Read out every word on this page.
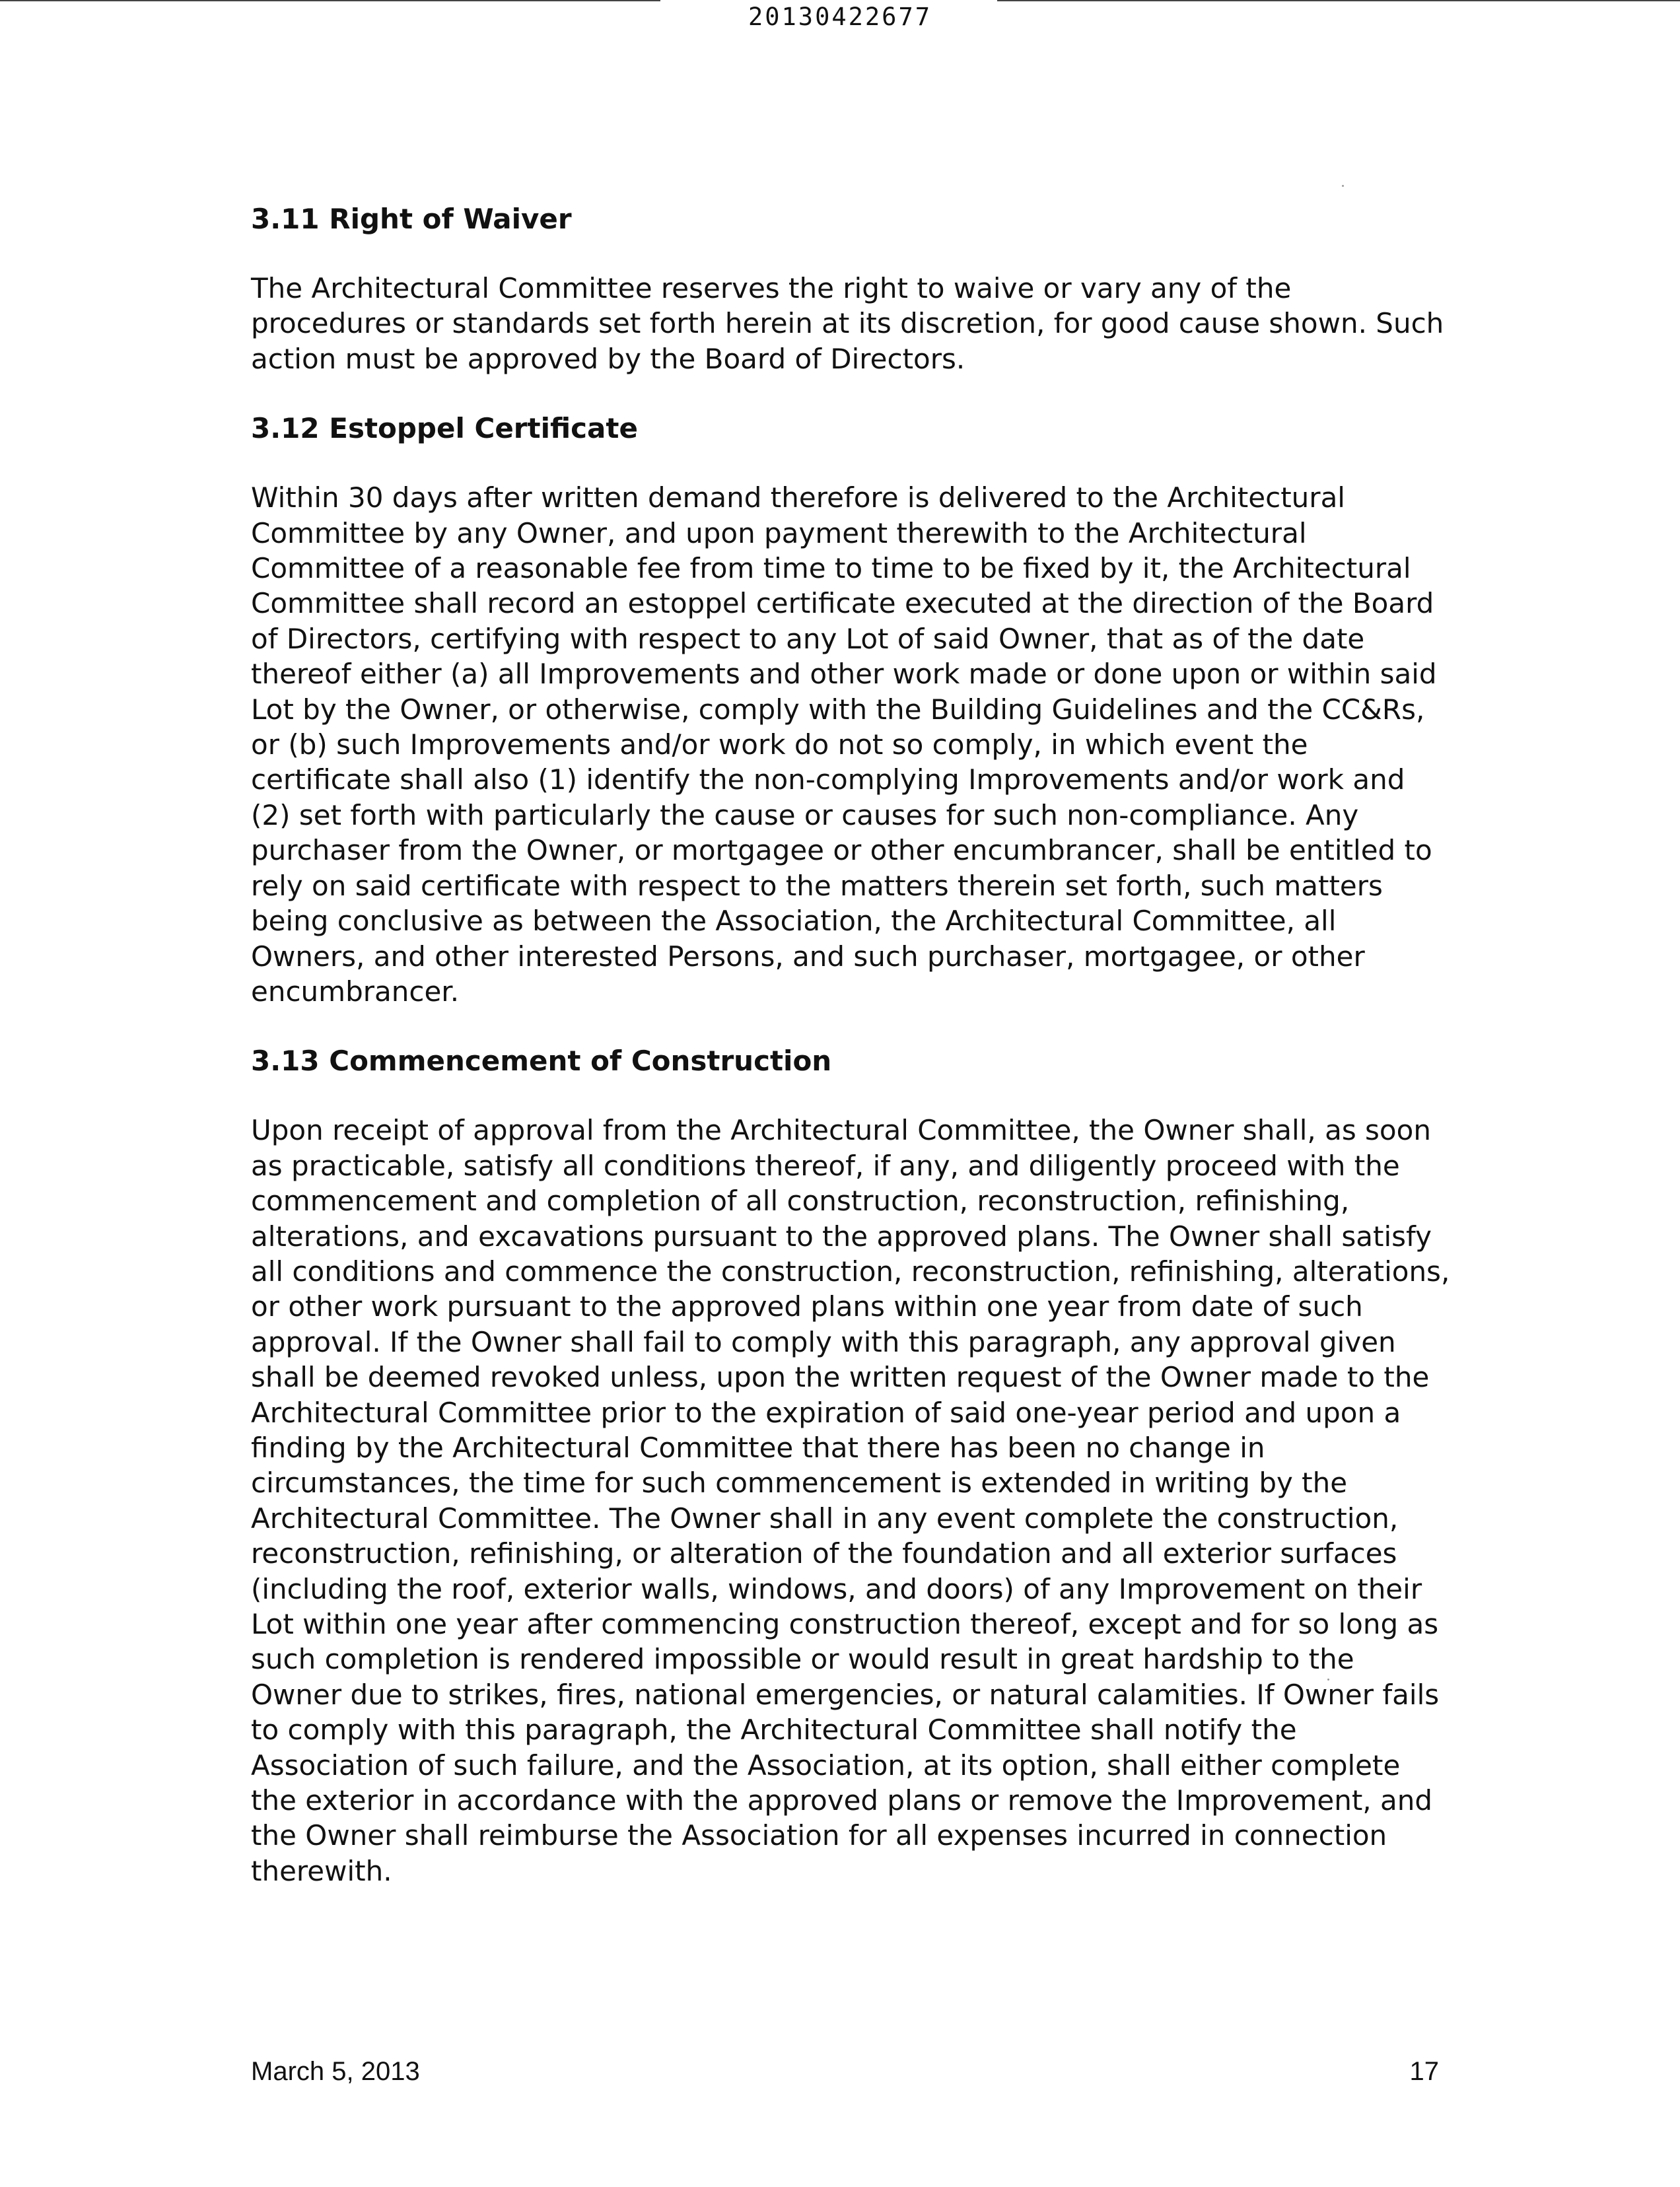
20130422677
3.11 Right of Waiver

The Architectural Committee reserves the right to waive or vary any of the procedures or standards set forth herein at its discretion, for good cause shown. Such action must be approved by the Board of Directors.

3.12 Estoppel Certificate

Within 30 days after written demand therefore is delivered to the Architectural Committee by any Owner, and upon payment therewith to the Architectural Committee of a reasonable fee from time to time to be fixed by it, the Architectural Committee shall record an estoppel certificate executed at the direction of the Board of Directors, certifying with respect to any Lot of said Owner, that as of the date thereof either (a) all Improvements and other work made or done upon or within said Lot by the Owner, or otherwise, comply with the Building Guidelines and the CC&Rs, or (b) such Improvements and/or work do not so comply, in which event the certificate shall also (1) identify the non-complying Improvements and/or work and (2) set forth with particularly the cause or causes for such non-compliance. Any purchaser from the Owner, or mortgagee or other encumbrancer, shall be entitled to rely on said certificate with respect to the matters therein set forth, such matters being conclusive as between the Association, the Architectural Committee, all Owners, and other interested Persons, and such purchaser, mortgagee, or other encumbrancer.

3.13 Commencement of Construction

Upon receipt of approval from the Architectural Committee, the Owner shall, as soon as practicable, satisfy all conditions thereof, if any, and diligently proceed with the commencement and completion of all construction, reconstruction, refinishing, alterations, and excavations pursuant to the approved plans. The Owner shall satisfy all conditions and commence the construction, reconstruction, refinishing, alterations, or other work pursuant to the approved plans within one year from date of such approval. If the Owner shall fail to comply with this paragraph, any approval given shall be deemed revoked unless, upon the written request of the Owner made to the Architectural Committee prior to the expiration of said one-year period and upon a finding by the Architectural Committee that there has been no change in circumstances, the time for such commencement is extended in writing by the Architectural Committee. The Owner shall in any event complete the construction, reconstruction, refinishing, or alteration of the foundation and all exterior surfaces (including the roof, exterior walls, windows, and doors) of any Improvement on their Lot within one year after commencing construction thereof, except and for so long as such completion is rendered impossible or would result in great hardship to the Owner due to strikes, fires, national emergencies, or natural calamities. If Owner fails to comply with this paragraph, the Architectural Committee shall notify the Association of such failure, and the Association, at its option, shall either complete the exterior in accordance with the approved plans or remove the Improvement, and the Owner shall reimburse the Association for all expenses incurred in connection therewith.

March 5, 2013	17
